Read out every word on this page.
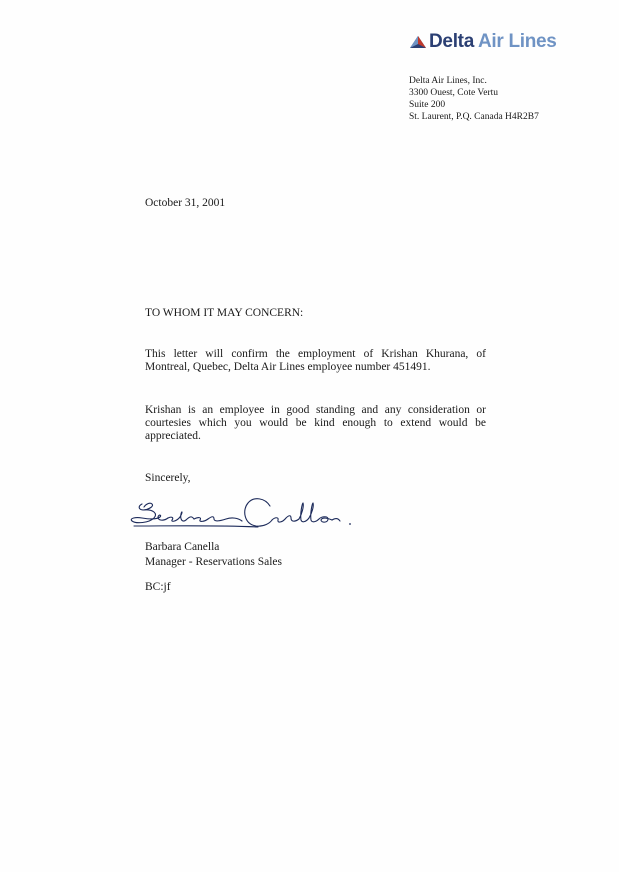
Delta Air Lines
Delta Air Lines, Inc.
3300 Ouest, Cote Vertu
Suite 200
St. Laurent, P.Q. Canada H4R2B7
October 31, 2001
TO WHOM IT MAY CONCERN:
This letter will confirm the employment of Krishan Khurana, of Montreal, Quebec, Delta Air Lines employee number 451491.
Krishan is an employee in good standing and any consideration or courtesies which you would be kind enough to extend would be appreciated.
Sincerely,
Barbara Canella
Manager - Reservations Sales
BC:jf
